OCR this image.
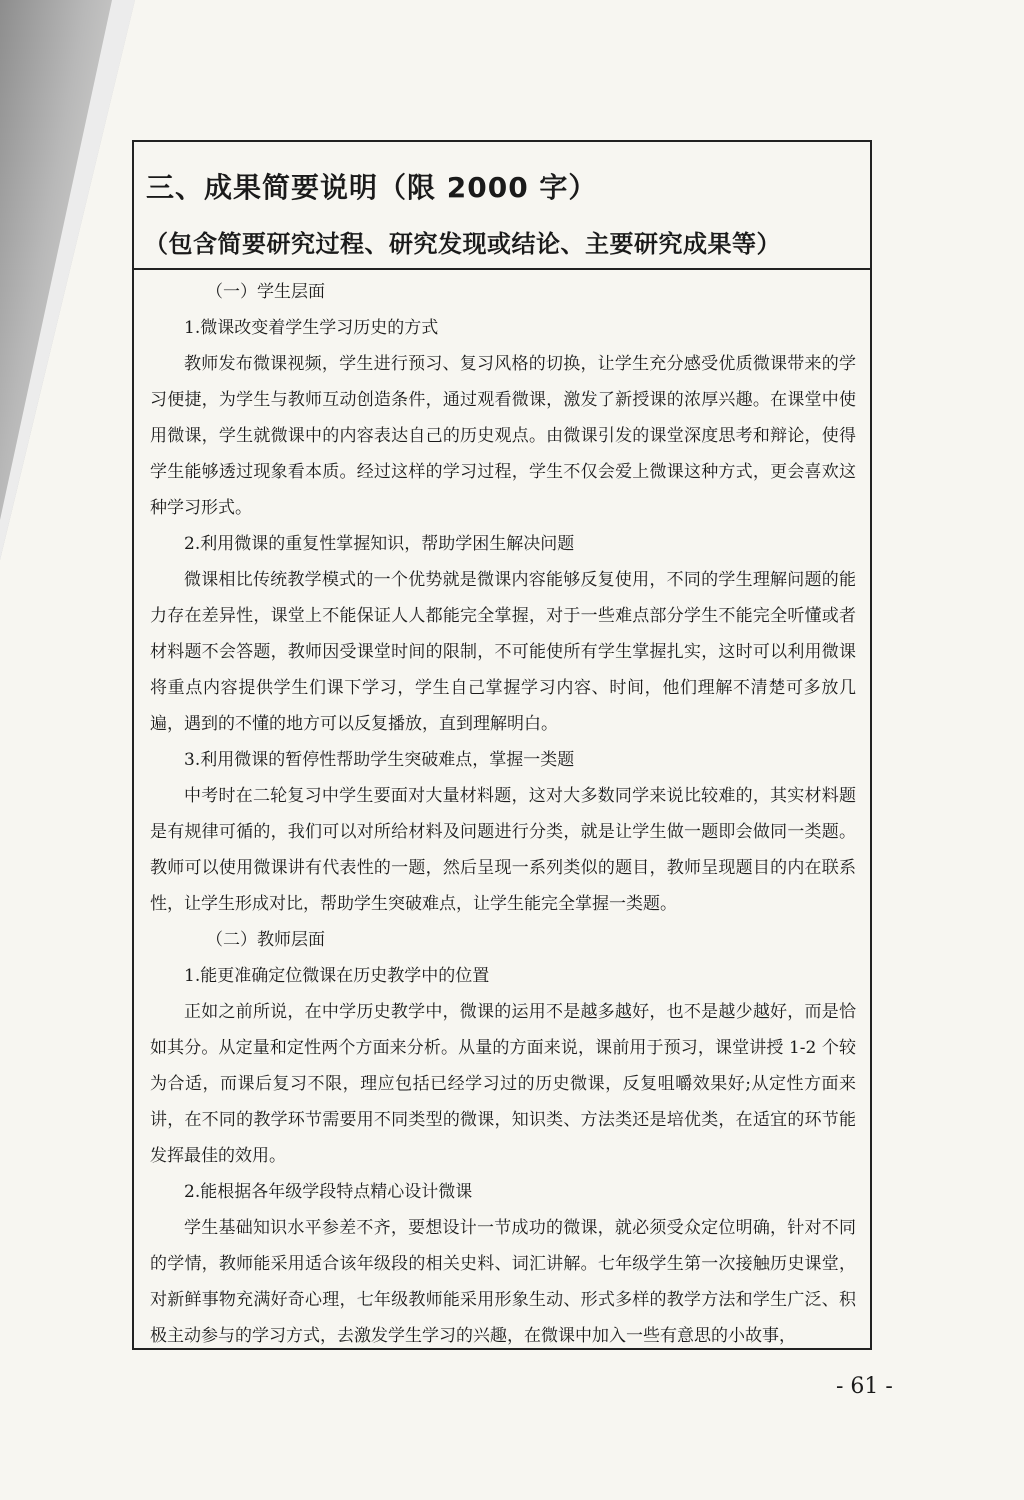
三、成果简要说明（限 2000 字）
（包含简要研究过程、研究发现或结论、主要研究成果等）
（一）学生层面
1.微课改变着学生学习历史的方式
教师发布微课视频，学生进行预习、复习风格的切换，让学生充分感受优质微课带来的学习便捷，为学生与教师互动创造条件，通过观看微课，激发了新授课的浓厚兴趣。在课堂中使用微课，学生就微课中的内容表达自己的历史观点。由微课引发的课堂深度思考和辩论，使得学生能够透过现象看本质。经过这样的学习过程，学生不仅会爱上微课这种方式，更会喜欢这种学习形式。
2.利用微课的重复性掌握知识，帮助学困生解决问题
微课相比传统教学模式的一个优势就是微课内容能够反复使用，不同的学生理解问题的能力存在差异性，课堂上不能保证人人都能完全掌握，对于一些难点部分学生不能完全听懂或者材料题不会答题，教师因受课堂时间的限制，不可能使所有学生掌握扎实，这时可以利用微课将重点内容提供学生们课下学习，学生自己掌握学习内容、时间，他们理解不清楚可多放几遍，遇到的不懂的地方可以反复播放，直到理解明白。
3.利用微课的暂停性帮助学生突破难点，掌握一类题
中考时在二轮复习中学生要面对大量材料题，这对大多数同学来说比较难的，其实材料题是有规律可循的，我们可以对所给材料及问题进行分类，就是让学生做一题即会做同一类题。教师可以使用微课讲有代表性的一题，然后呈现一系列类似的题目，教师呈现题目的内在联系性，让学生形成对比，帮助学生突破难点，让学生能完全掌握一类题。
（二）教师层面
1.能更准确定位微课在历史教学中的位置
正如之前所说，在中学历史教学中，微课的运用不是越多越好，也不是越少越好，而是恰如其分。从定量和定性两个方面来分析。从量的方面来说，课前用于预习，课堂讲授 1-2 个较为合适，而课后复习不限，理应包括已经学习过的历史微课，反复咀嚼效果好;从定性方面来讲，在不同的教学环节需要用不同类型的微课，知识类、方法类还是培优类，在适宜的环节能发挥最佳的效用。
2.能根据各年级学段特点精心设计微课
学生基础知识水平参差不齐，要想设计一节成功的微课，就必须受众定位明确，针对不同的学情，教师能采用适合该年级段的相关史料、词汇讲解。七年级学生第一次接触历史课堂，对新鲜事物充满好奇心理，七年级教师能采用形象生动、形式多样的教学方法和学生广泛、积极主动参与的学习方式，去激发学生学习的兴趣，在微课中加入一些有意思的小故事，
- 61 -
